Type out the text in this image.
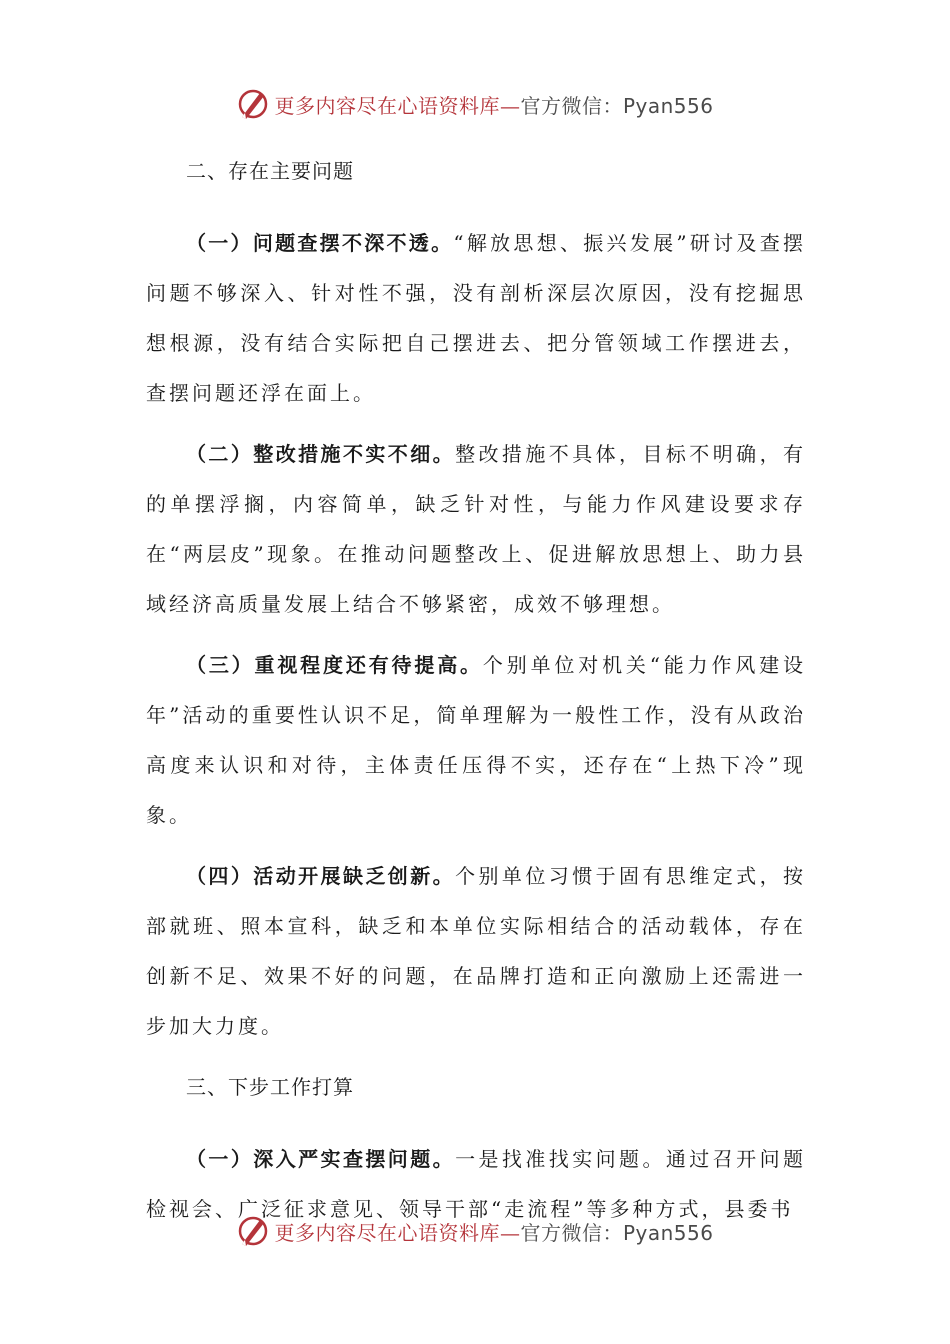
更多内容尽在心语资料库—官方微信：Pyan556
二、存在主要问题

（一）问题查摆不深不透。“解放思想、振兴发展”研讨及查摆问题不够深入、针对性不强，没有剖析深层次原因，没有挖掘思想根源，没有结合实际把自己摆进去、把分管领域工作摆进去，查摆问题还浮在面上。

（二）整改措施不实不细。整改措施不具体，目标不明确，有的单摆浮搁，内容简单，缺乏针对性，与能力作风建设要求存在“两层皮”现象。在推动问题整改上、促进解放思想上、助力县域经济高质量发展上结合不够紧密，成效不够理想。

（三）重视程度还有待提高。个别单位对机关“能力作风建设年”活动的重要性认识不足，简单理解为一般性工作，没有从政治高度来认识和对待，主体责任压得不实，还存在“上热下冷”现象。

（四）活动开展缺乏创新。个别单位习惯于固有思维定式，按部就班、照本宣科，缺乏和本单位实际相结合的活动载体，存在创新不足、效果不好的问题，在品牌打造和正向激励上还需进一步加大力度。

三、下步工作打算

（一）深入严实查摆问题。一是找准找实问题。通过召开问题检视会、广泛征求意见、领导干部“走流程”等多种方式，县委书

更多内容尽在心语资料库—官方微信：Pyan556
